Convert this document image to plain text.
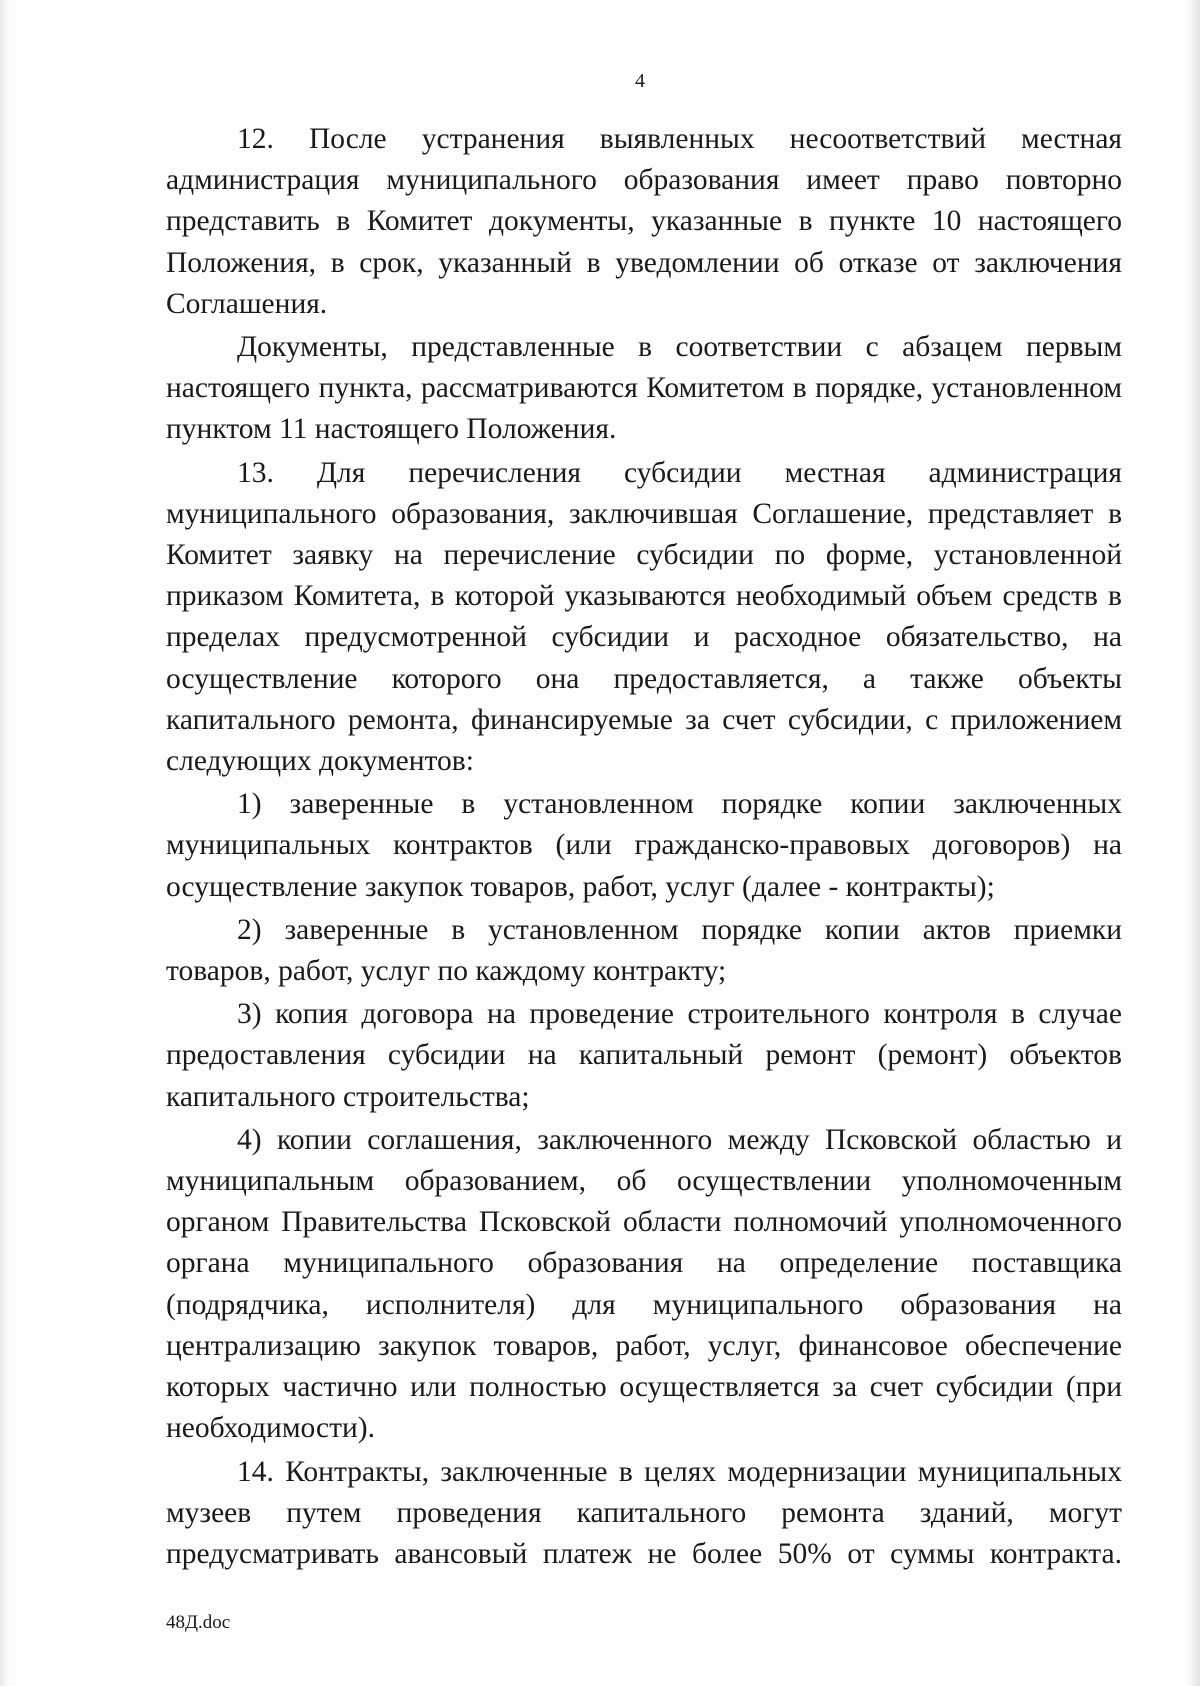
4

12. После устранения выявленных несоответствий местная администрация муниципального образования имеет право повторно представить в Комитет документы, указанные в пункте 10 настоящего Положения, в срок, указанный в уведомлении об отказе от заключения Соглашения.

Документы, представленные в соответствии с абзацем первым настоящего пункта, рассматриваются Комитетом в порядке, установленном пунктом 11 настоящего Положения.

13. Для перечисления субсидии местная администрация муниципального образования, заключившая Соглашение, представляет в Комитет заявку на перечисление субсидии по форме, установленной приказом Комитета, в которой указываются необходимый объем средств в пределах предусмотренной субсидии и расходное обязательство, на осуществление которого она предоставляется, а также объекты капитального ремонта, финансируемые за счет субсидии, с приложением следующих документов:

1) заверенные в установленном порядке копии заключенных муниципальных контрактов (или гражданско-правовых договоров) на осуществление закупок товаров, работ, услуг (далее - контракты);

2) заверенные в установленном порядке копии актов приемки товаров, работ, услуг по каждому контракту;

3) копия договора на проведение строительного контроля в случае предоставления субсидии на капитальный ремонт (ремонт) объектов капитального строительства;

4) копии соглашения, заключенного между Псковской областью и муниципальным образованием, об осуществлении уполномоченным органом Правительства Псковской области полномочий уполномоченного органа муниципального образования на определение поставщика (подрядчика, исполнителя) для муниципального образования на централизацию закупок товаров, работ, услуг, финансовое обеспечение которых частично или полностью осуществляется за счет субсидии (при необходимости).

14. Контракты, заключенные в целях модернизации муниципальных музеев путем проведения капитального ремонта зданий, могут предусматривать авансовый платеж не более 50% от суммы контракта.

48Д.doc
